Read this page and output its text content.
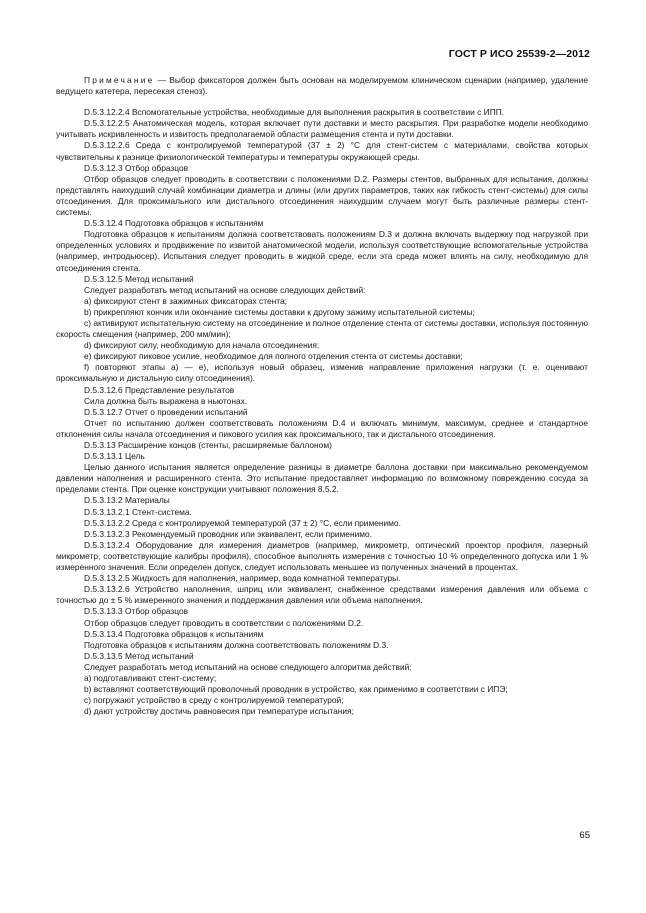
ГОСТ Р ИСО 25539-2—2012

Примечание — Выбор фиксаторов должен быть основан на моделируемом клиническом сценарии (например, удаление ведущего катетера, пересекая стеноз).

D.5.3.12.2.4 Вспомогательные устройства, необходимые для выполнения раскрытия в соответствии с ИПП.

D.5.3.12.2.5 Анатомическая модель, которая включает пути доставки и место раскрытия. При разработке модели необходимо учитывать искривленность и извитость предполагаемой области размещения стента и пути доставки.

D.5.3.12.2.6 Среда с контролируемой температурой (37 ± 2) °С для стент-систем с материалами, свойства которых чувствительны к разнице физиологической температуры и температуры окружающей среды.

D.5.3.12.3 Отбор образцов

Отбор образцов следует проводить в соответствии с положениями D.2. Размеры стентов, выбранных для испытания, должны представлять наихудший случай комбинации диаметра и длины (или других параметров, таких как гибкость стент-системы) для силы отсоединения. Для проксимального или дистального отсоединения наихудшим случаем могут быть различные размеры стент-системы.

D.5.3.12.4 Подготовка образцов к испытаниям

Подготовка образцов к испытаниям должна соответствовать положениям D.3 и должна включать выдержку под нагрузкой при определенных условиях и продвижение по извитой анатомической модели, используя соответствующие вспомогательные устройства (например, интродьюсер). Испытания следует проводить в жидкой среде, если эта среда может влиять на силу, необходимую для отсоединения стента.

D.5.3.12.5 Метод испытаний

Следует разработать метод испытаний на основе следующих действий:

a) фиксируют стент в зажимных фиксаторах стента;

b) прикрепляют кончик или окончание системы доставки к другому зажиму испытательной системы;

c) активируют испытательную систему на отсоединение и полное отделение стента от системы доставки, используя постоянную скорость смещения (например, 200 мм/мин);

d) фиксируют силу, необходимую для начала отсоединения;

e) фиксируют пиковое усилие, необходимое для полного отделения стента от системы доставки;

f) повторяют этапы а) — е), используя новый образец, изменив направление приложения нагрузки (т. е. оценивают проксимальную и дистальную силу отсоединения).

D.5.3.12.6 Представление результатов

Сила должна быть выражена в ньютонах.

D.5.3.12.7 Отчет о проведении испытаний

Отчет по испытанию должен соответствовать положениям D.4 и включать минимум, максимум, среднее и стандартное отклонения силы начала отсоединения и пикового усилия как проксимального, так и дистального отсоединения.

D.5.3.13 Расширение концов (стенты, расширяемые баллоном)

D.5.3.13.1 Цель

Целью данного испытания является определение разницы в диаметре баллона доставки при максимально рекомендуемом давлении наполнения и расширенного стента. Это испытание предоставляет информацию по возможному повреждению сосуда за пределами стента. При оценке конструкции учитывают положения 8.5.2.

D.5.3.13.2 Материалы

D.5.3.13.2.1 Стент-система.

D.5.3.13.2.2 Среда с контролируемой температурой (37 ± 2) °С, если применимо.

D.5.3.13.2.3 Рекомендуемый проводник или эквивалент, если применимо.

D.5.3.13.2.4 Оборудование для измерения диаметров (например, микрометр, оптический проектор профиля, лазерный микрометр, соответствующие калибры профиля), способное выполнять измерения с точностью 10 % определенного допуска или 1 % измеренного значения. Если определен допуск, следует использовать меньшее из полученных значений в процентах.

D.5.3.13.2.5 Жидкость для наполнения, например, вода комнатной температуры.

D.5.3.13.2.6 Устройство наполнения, шприц или эквивалент, снабженное средствами измерения давления или объема с точностью до ± 5 % измеренного значения и поддержания давления или объема наполнения.

D.5.3.13.3 Отбор образцов

Отбор образцов следует проводить в соответствии с положениями D.2.

D.5.3.13.4 Подготовка образцов к испытаниям

Подготовка образцов к испытаниям должна соответствовать положениям D.3.

D.5.3.13.5 Метод испытаний

Следует разработать метод испытаний на основе следующего алгоритма действий:

a) подготавливают стент-систему;

b) вставляют соответствующий проволочный проводник в устройство, как применимо в соответствии с ИПЭ;

c) погружают устройство в среду с контролируемой температурой;

d) дают устройству достичь равновесия при температуре испытания;

65
